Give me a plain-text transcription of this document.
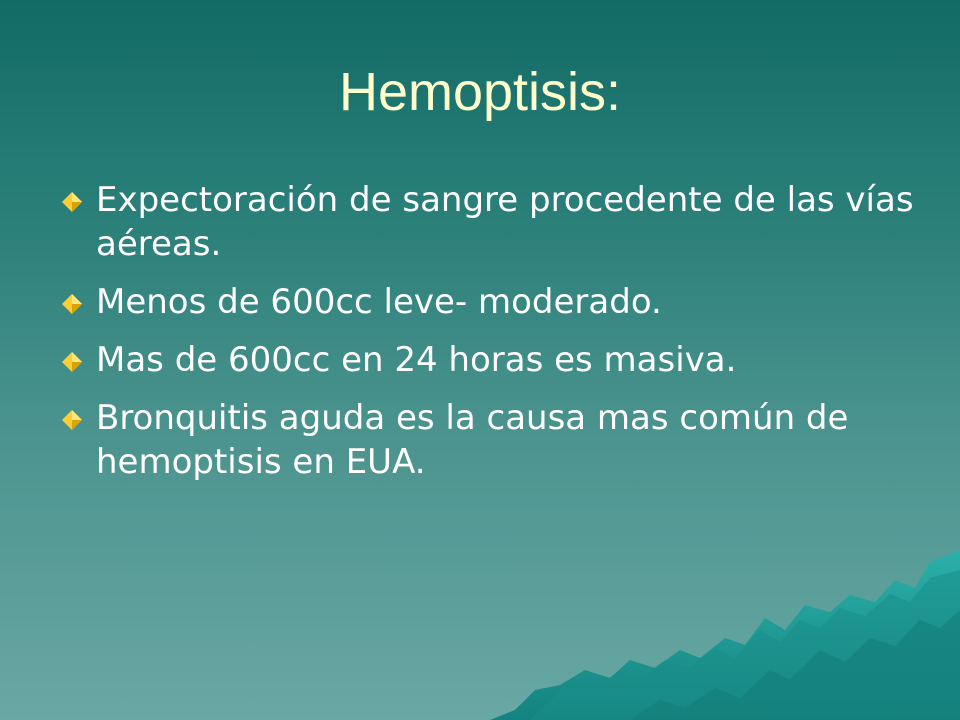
Hemoptisis:
Expectoración de sangre procedente de las vías aéreas.
Menos de 600cc leve- moderado.
Mas de 600cc en 24 horas es masiva.
Bronquitis aguda es la causa mas común de hemoptisis en EUA.
